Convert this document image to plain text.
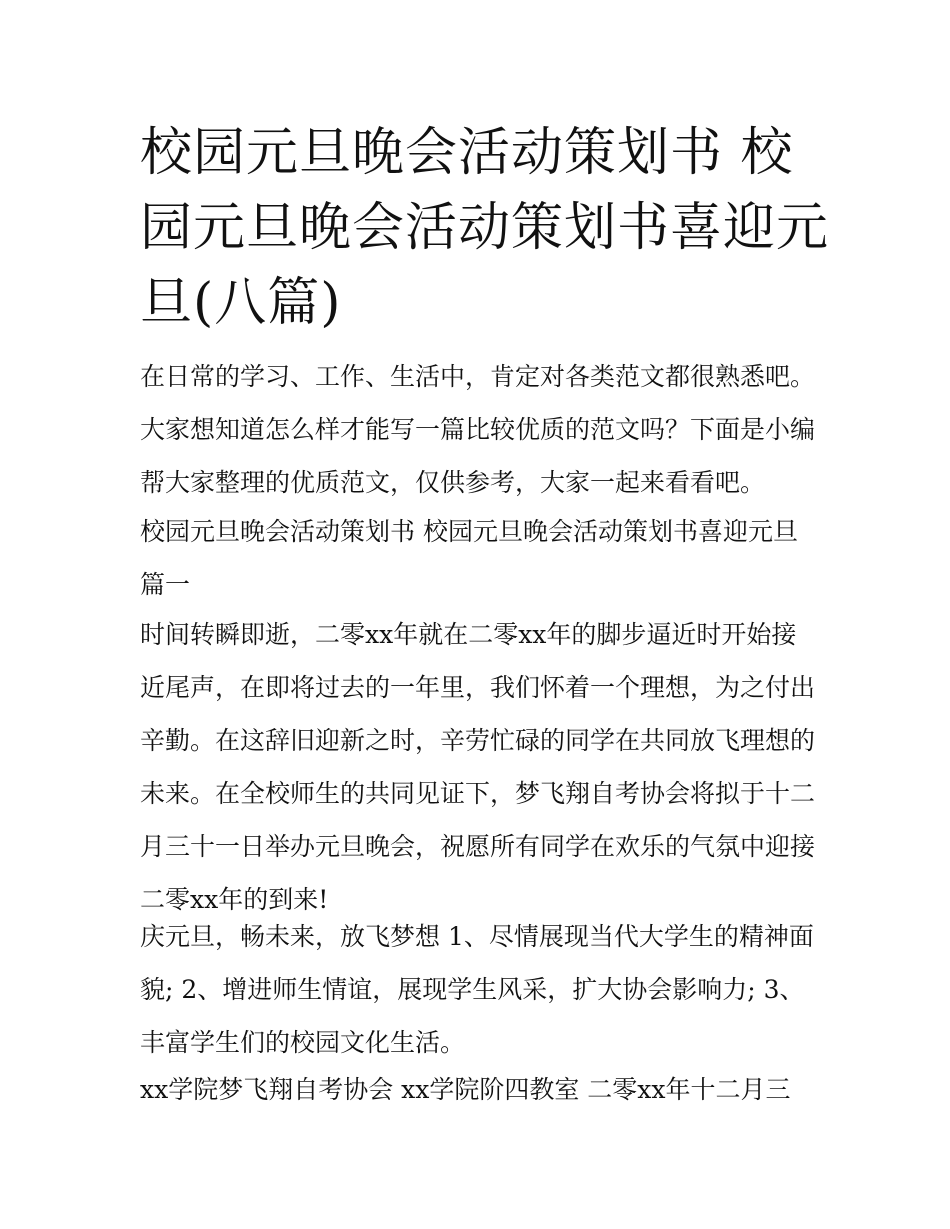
校园元旦晚会活动策划书 校园元旦晚会活动策划书喜迎元旦(八篇)

在日常的学习、工作、生活中，肯定对各类范文都很熟悉吧。大家想知道怎么样才能写一篇比较优质的范文吗？下面是小编帮大家整理的优质范文，仅供参考，大家一起来看看吧。

校园元旦晚会活动策划书 校园元旦晚会活动策划书喜迎元旦篇一

时间转瞬即逝，二零xx年就在二零xx年的脚步逼近时开始接近尾声，在即将过去的一年里，我们怀着一个理想，为之付出辛勤。在这辞旧迎新之时，辛劳忙碌的同学在共同放飞理想的未来。在全校师生的共同见证下，梦飞翔自考协会将拟于十二月三十一日举办元旦晚会，祝愿所有同学在欢乐的气氛中迎接二零xx年的到来!

庆元旦，畅未来，放飞梦想 1、尽情展现当代大学生的精神面貌; 2、增进师生情谊，展现学生风采，扩大协会影响力; 3、丰富学生们的校园文化生活。

xx学院梦飞翔自考协会 xx学院阶四教室 二零xx年十二月三
